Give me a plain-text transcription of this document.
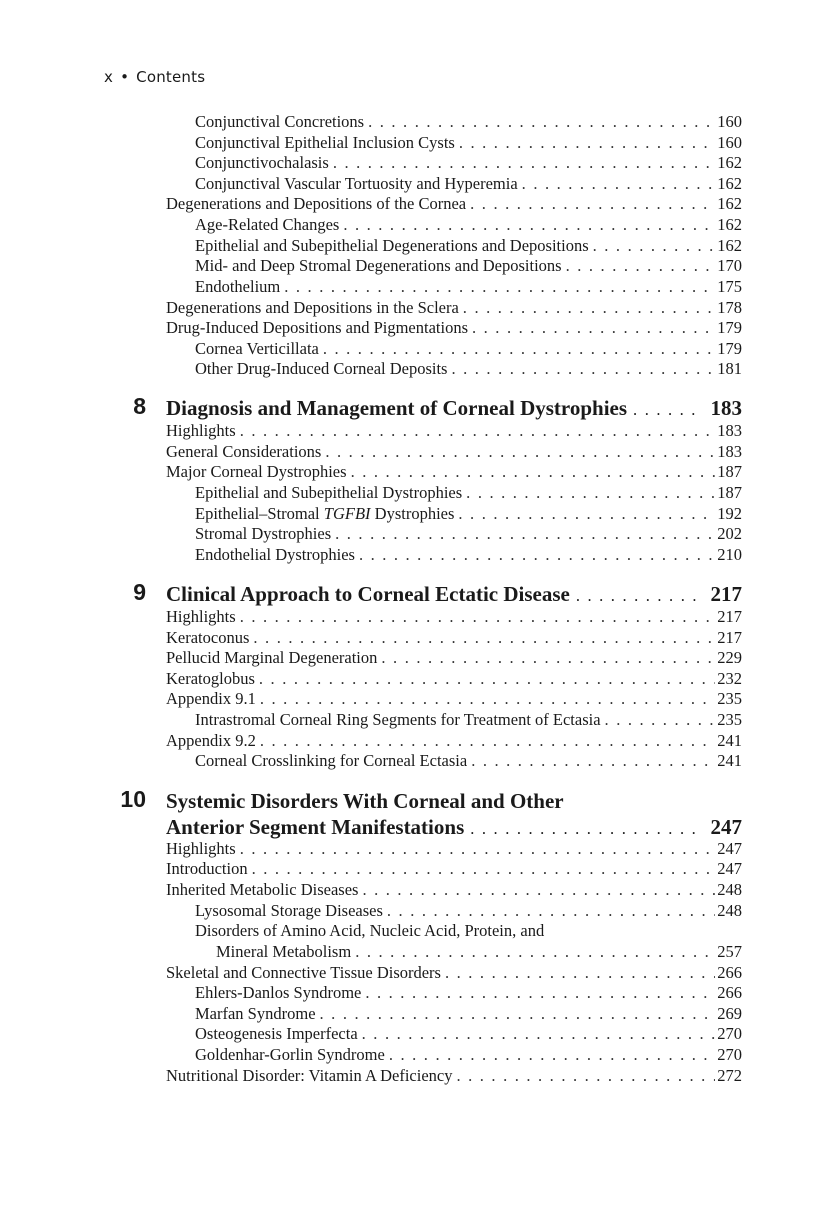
x • Contents
Conjunctival Concretions . . .	160
Conjunctival Epithelial Inclusion Cysts . . .	160
Conjunctivochalasis . . .	162
Conjunctival Vascular Tortuosity and Hyperemia . . .	162
Degenerations and Depositions of the Cornea . . .	162
Age-Related Changes . . .	162
Epithelial and Subepithelial Degenerations and Depositions . . .	162
Mid- and Deep Stromal Degenerations and Depositions . . .	170
Endothelium . . .	175
Degenerations and Depositions in the Sclera . . .	178
Drug-Induced Depositions and Pigmentations . . .	179
Cornea Verticillata . . .	179
Other Drug-Induced Corneal Deposits . . .	181
8 Diagnosis and Management of Corneal Dystrophies . . .	183
Highlights . . .	183
General Considerations . . .	183
Major Corneal Dystrophies . . .	187
Epithelial and Subepithelial Dystrophies . . .	187
Epithelial–Stromal TGFBI Dystrophies . . .	192
Stromal Dystrophies . . .	202
Endothelial Dystrophies . . .	210
9 Clinical Approach to Corneal Ectatic Disease . . .	217
Highlights . . .	217
Keratoconus . . .	217
Pellucid Marginal Degeneration . . .	229
Keratoglobus . . .	232
Appendix 9.1 . . .	235
Intrastromal Corneal Ring Segments for Treatment of Ectasia . . .	235
Appendix 9.2 . . .	241
Corneal Crosslinking for Corneal Ectasia . . .	241
10 Systemic Disorders With Corneal and Other
Anterior Segment Manifestations . . .	247
Highlights . . .	247
Introduction . . .	247
Inherited Metabolic Diseases . . .	248
Lysosomal Storage Diseases . . .	248
Disorders of Amino Acid, Nucleic Acid, Protein, and
Mineral Metabolism . . .	257
Skeletal and Connective Tissue Disorders . . .	266
Ehlers-Danlos Syndrome . . .	266
Marfan Syndrome . . .	269
Osteogenesis Imperfecta . . .	270
Goldenhar-Gorlin Syndrome . . .	270
Nutritional Disorder: Vitamin A Deficiency . . .	272
